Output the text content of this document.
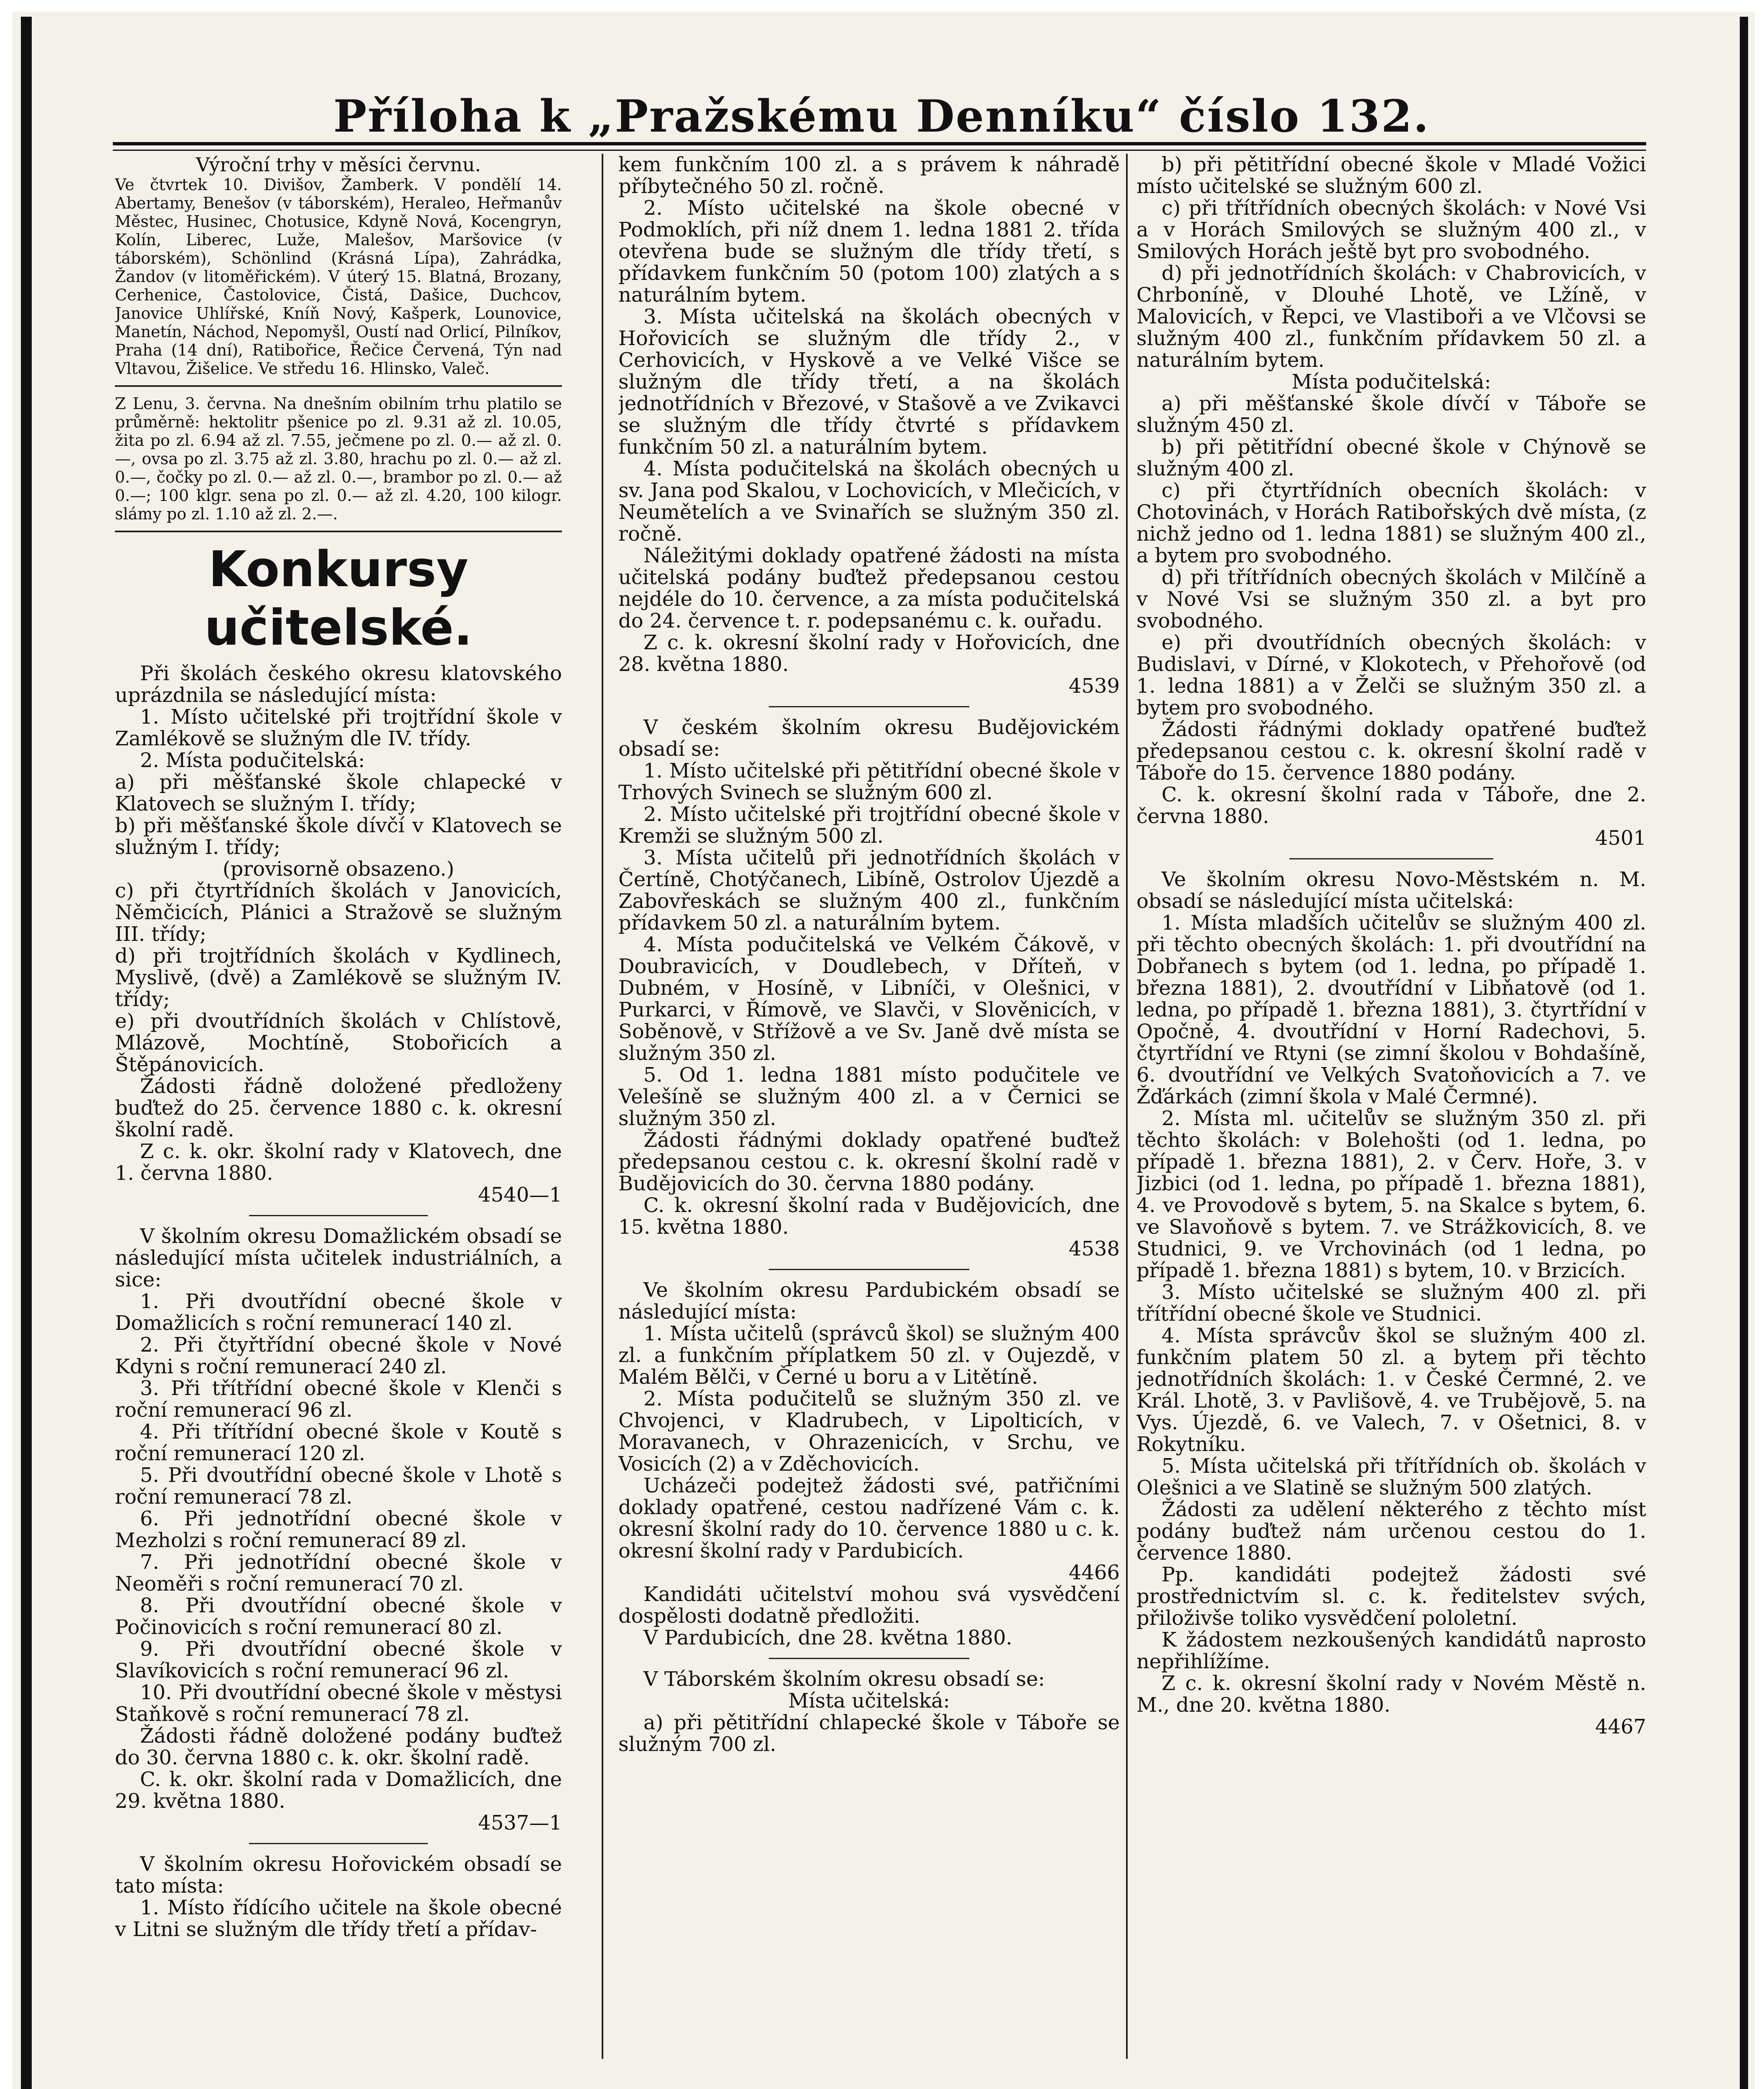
Příloha k „Pražskému Denníku“ číslo 132.

Výroční trhy v měsíci červnu.

Ve čtvrtek 10. Divišov, Žamberk. V pondělí 14. Abertamy, Benešov (v táborském), Heraleo, Heřmanův Městec, Husinec, Chotusice, Kdyně Nová, Kocengryn, Kolín, Liberec, Luže, Malešov, Maršovice (v táborském), Schönlind (Krásná Lípa), Zahrádka, Žandov (v litoměřickém). V úterý 15. Blatná, Brozany, Cerhenice, Častolovice, Čistá, Dašice, Duchcov, Janovice Uhlířské, Kníň Nový, Kašperk, Lounovice, Manetín, Náchod, Nepomyšl, Oustí nad Orlicí, Pilníkov, Praha (14 dní), Ratibořice, Řečice Červená, Týn nad Vltavou, Žišelice. Ve středu 16. Hlinsko, Valeč.

Z Lenu, 3. června. Na dnešním obilním trhu platilo se průměrně: hektolitr pšenice po zl. 9.31 až zl. 10.05, žita po zl. 6.94 až zl. 7.55, ječmene po zl. 0.— až zl. 0.—, ovsa po zl. 3.75 až zl. 3.80, hrachu po zl. 0.— až zl. 0.—, čočky po zl. 0.— až zl. 0.—, brambor po zl. 0.— až 0.—; 100 klgr. sena po zl. 0.— až zl. 4.20, 100 kilogr. slámy po zl. 1.10 až zl. 2.—.

Konkursy učitelské.

Při školách českého okresu klatovského uprázdnila se následující místa:

1. Místo učitelské při trojtřídní škole v Zamlékově se služným dle IV. třídy.

2. Místa podučitelská:

a) při měšťanské škole chlapecké v Klatovech se služným I. třídy;

b) při měšťanské škole dívčí v Klatovech se služným I. třídy;

(provisorně obsazeno.)

c) při čtyrtřídních školách v Janovicích, Němčicích, Plánici a Stražově se služným III. třídy;

d) při trojtřídních školách v Kydlinech, Myslivě, (dvě) a Zamlékově se služným IV. třídy;

e) při dvoutřídních školách v Chlístově, Mlázově, Mochtíně, Stobořicích a Štěpánovicích.

Žádosti řádně doložené předloženy buďtež do 25. července 1880 c. k. okresní školní radě.

Z c. k. okr. školní rady v Klatovech, dne 1. června 1880.

4540—1

V školním okresu Domažlickém obsadí se následující místa učitelek industriálních, a sice:

1. Při dvoutřídní obecné škole v Domažlicích s roční remunerací 140 zl.

2. Při čtyřtřídní obecné škole v Nové Kdyni s roční remunerací 240 zl.

3. Při třítřídní obecné škole v Klenči s roční remunerací 96 zl.

4. Při třítřídní obecné škole v Koutě s roční remunerací 120 zl.

5. Při dvoutřídní obecné škole v Lhotě s roční remunerací 78 zl.

6. Při jednotřídní obecné škole v Mezholzi s roční remunerací 89 zl.

7. Při jednotřídní obecné škole v Neoměři s roční remunerací 70 zl.

8. Při dvoutřídní obecné škole v Počinovicích s roční remunerací 80 zl.

9. Při dvoutřídní obecné škole v Slavíkovicích s roční remunerací 96 zl.

10. Při dvoutřídní obecné škole v městysi Staňkově s roční remunerací 78 zl.

Žádosti řádně doložené podány buďtež do 30. června 1880 c. k. okr. školní radě.

C. k. okr. školní rada v Domažlicích, dne 29. května 1880.

4537—1

V školním okresu Hořovickém obsadí se tato místa:

1. Místo řídícího učitele na škole obecné v Litni se služným dle třídy třetí a přídav-

kem funkčním 100 zl. a s právem k náhradě příbytečného 50 zl. ročně.

2. Místo učitelské na škole obecné v Podmoklích, při níž dnem 1. ledna 1881 2. třída otevřena bude se služným dle třídy třetí, s přídavkem funkčním 50 (potom 100) zlatých a s naturálním bytem.

3. Místa učitelská na školách obecných v Hořovicích se služným dle třídy 2., v Cerhovicích, v Hyskově a ve Velké Višce se služným dle třídy třetí, a na školách jednotřídních v Březové, v Stašově a ve Zvikavci se služným dle třídy čtvrté s přídavkem funkčním 50 zl. a naturálním bytem.

4. Místa podučitelská na školách obecných u sv. Jana pod Skalou, v Lochovicích, v Mlečicích, v Neumětelích a ve Svinařích se služným 350 zl. ročně.

Náležitými doklady opatřené žádosti na místa učitelská podány buďtež předepsanou cestou nejdéle do 10. července, a za místa podučitelská do 24. července t. r. podepsanému c. k. ouřadu.

Z c. k. okresní školní rady v Hořovicích, dne 28. května 1880.

4539

V českém školním okresu Budějovickém obsadí se:

1. Místo učitelské při pětitřídní obecné škole v Trhových Svinech se služným 600 zl.

2. Místo učitelské při trojtřídní obecné škole v Kremži se služným 500 zl.

3. Místa učitelů při jednotřídních školách v Čertíně, Chotýčanech, Libíně, Ostrolov Újezdě a Zabovřeskách se služným 400 zl., funkčním přídavkem 50 zl. a naturálním bytem.

4. Místa podučitelská ve Velkém Čákově, v Doubravicích, v Doudlebech, v Dříteň, v Dubném, v Hosíně, v Libníči, v Olešnici, v Purkarci, v Římově, ve Slavči, v Slověnicích, v Soběnově, v Střížově a ve Sv. Janě dvě místa se služným 350 zl.

5. Od 1. ledna 1881 místo podučitele ve Velešíně se služným 400 zl. a v Černici se služným 350 zl.

Žádosti řádnými doklady opatřené buďtež předepsanou cestou c. k. okresní školní radě v Budějovicích do 30. června 1880 podány.

C. k. okresní školní rada v Budějovicích, dne 15. května 1880.

4538

Ve školním okresu Pardubickém obsadí se následující místa:

1. Místa učitelů (správců škol) se služným 400 zl. a funkčním příplatkem 50 zl. v Oujezdě, v Malém Bělči, v Černé u boru a v Litětíně.

2. Místa podučitelů se služným 350 zl. ve Chvojenci, v Kladrubech, v Lipolticích, v Moravanech, v Ohrazenicích, v Srchu, ve Vosicích (2) a v Zděchovicích.

Ucházeči podejtež žádosti své, patřičními doklady opatřené, cestou nadřízené Vám c. k. okresní školní rady do 10. července 1880 u c. k. okresní školní rady v Pardubicích.

4466

Kandidáti učitelství mohou svá vysvědčení dospělosti dodatně předložiti.

V Pardubicích, dne 28. května 1880.

V Táborském školním okresu obsadí se:

Místa učitelská:

a) při pětitřídní chlapecké škole v Táboře se služným 700 zl.

b) při pětitřídní obecné škole v Mladé Vožici místo učitelské se služným 600 zl.

c) při třítřídních obecných školách: v Nové Vsi a v Horách Smilových se služným 400 zl., v Smilových Horách ještě byt pro svobodného.

d) při jednotřídních školách: v Chabrovicích, v Chrboníně, v Dlouhé Lhotě, ve Lžíně, v Malovicích, v Řepci, ve Vlastiboři a ve Vlčovsi se služným 400 zl., funkčním přídavkem 50 zl. a naturálním bytem.

Místa podučitelská:

a) při měšťanské škole dívčí v Táboře se služným 450 zl.

b) při pětitřídní obecné škole v Chýnově se služným 400 zl.

c) při čtyrtřídních obecních školách: v Chotovinách, v Horách Ratibořských dvě místa, (z nichž jedno od 1. ledna 1881) se služným 400 zl., a bytem pro svobodného.

d) při třítřídních obecných školách v Milčíně a v Nové Vsi se služným 350 zl. a byt pro svobodného.

e) při dvoutřídních obecných školách: v Budislavi, v Dírné, v Klokotech, v Přehořově (od 1. ledna 1881) a v Želči se služným 350 zl. a bytem pro svobodného.

Žádosti řádnými doklady opatřené buďtež předepsanou cestou c. k. okresní školní radě v Táboře do 15. července 1880 podány.

C. k. okresní školní rada v Táboře, dne 2. června 1880.

4501

Ve školním okresu Novo-Městském n. M. obsadí se následující místa učitelská:

1. Místa mladších učitelův se služným 400 zl. při těchto obecných školách: 1. při dvoutřídní na Dobřanech s bytem (od 1. ledna, po případě 1. března 1881), 2. dvoutřídní v Libňatově (od 1. ledna, po případě 1. března 1881), 3. čtyrtřídní v Opočně, 4. dvoutřídní v Horní Radechovi, 5. čtyrtřídní ve Rtyni (se zimní školou v Bohdašíně, 6. dvoutřídní ve Velkých Svatoňovicích a 7. ve Žďárkách (zimní škola v Malé Čermné).

2. Místa ml. učitelův se služným 350 zl. při těchto školách: v Bolehošti (od 1. ledna, po případě 1. března 1881), 2. v Červ. Hoře, 3. v Jizbici (od 1. ledna, po případě 1. března 1881), 4. ve Provodově s bytem, 5. na Skalce s bytem, 6. ve Slavoňově s bytem. 7. ve Strážkovicích, 8. ve Studnici, 9. ve Vrchovinách (od 1 ledna, po případě 1. března 1881) s bytem, 10. v Brzicích.

3. Místo učitelské se služným 400 zl. při třítřídní obecné škole ve Studnici.

4. Místa správcův škol se služným 400 zl. funkčním platem 50 zl. a bytem při těchto jednotřídních školách: 1. v České Čermné, 2. ve Král. Lhotě, 3. v Pavlišově, 4. ve Trubějově, 5. na Vys. Újezdě, 6. ve Valech, 7. v Ošetnici, 8. v Rokytníku.

5. Místa učitelská při třítřídních ob. školách v Olešnici a ve Slatině se služným 500 zlatých.

Žádosti za udělení některého z těchto míst podány buďtež nám určenou cestou do 1. července 1880.

Pp. kandidáti podejtež žádosti své prostřednictvím sl. c. k. ředitelstev svých, přiloživše toliko vysvědčení pololetní.

K žádostem nezkoušených kandidátů naprosto nepřihlížíme.

Z c. k. okresní školní rady v Novém Městě n. M., dne 20. května 1880.

4467
